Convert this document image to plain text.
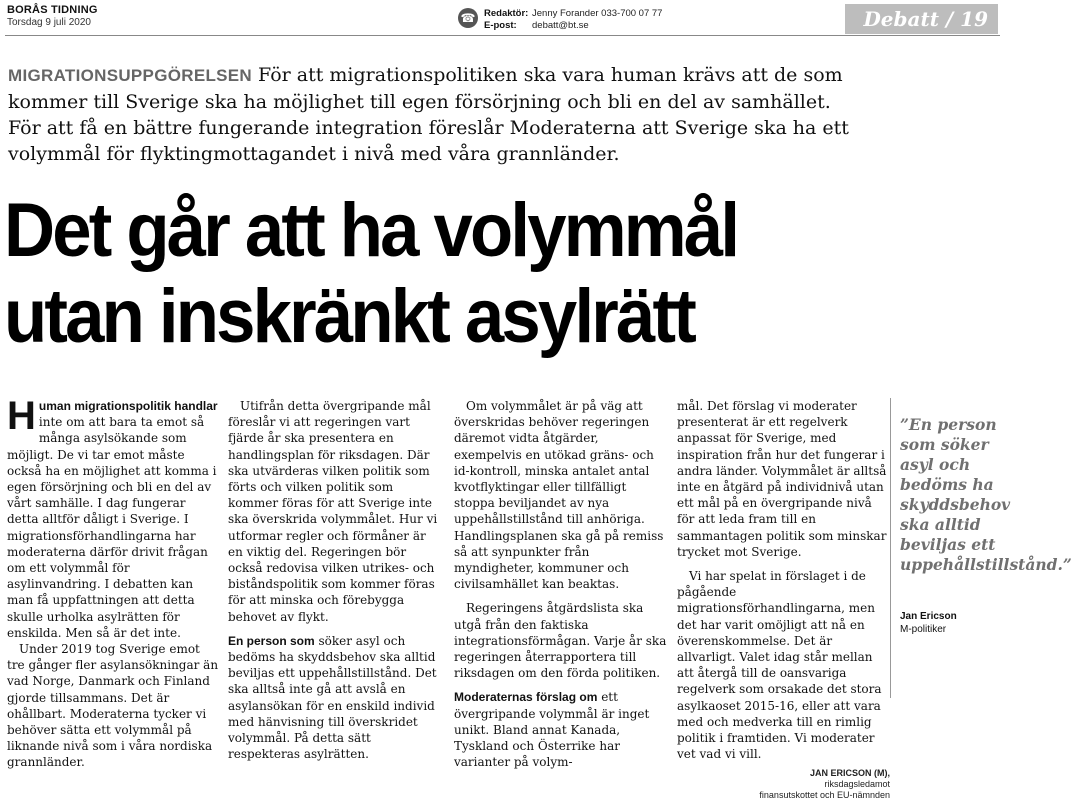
BORÅS TIDNING
Torsdag 9 juli 2020	☎ Redaktör:
E-post:
Jenny Forander 033-700 07 77
debatt@bt.se	Debatt / 19
MIGRATIONSUPPGÖRELSEN För att migrationspolitiken ska vara human krävs att de som kommer till Sverige ska ha möjlighet till egen försörjning och bli en del av samhället. För att få en bättre fungerande integration föreslår Moderaterna att Sverige ska ha ett volymmål för flyktingmottagandet i nivå med våra grannländer.
Det går att ha volymmål
utan inskränkt asylrätt

Human migrationspolitik handlar inte om att bara ta emot så många asylsökande som möjligt. De vi tar emot måste också ha en möjlighet att komma i egen försörjning och bli en del av vårt samhälle. I dag fungerar detta alltför dåligt i Sverige. I migrationsförhandlingarna har moderaterna därför drivit frågan om ett volymmål för asylinvandring. I debatten kan man få uppfattningen att detta skulle urholka asylrätten för enskilda. Men så är det inte.

Under 2019 tog Sverige emot tre gånger fler asylansökningar än vad Norge, Danmark och Finland gjorde tillsammans. Det är ohållbart. Moderaterna tycker vi behöver sätta ett volymmål på liknande nivå som i våra nordiska grannländer.

Utifrån detta övergripande mål föreslår vi att regeringen vart fjärde år ska presentera en handlingsplan för riksdagen. Där ska utvärderas vilken politik som förts och vilken politik som kommer föras för att Sverige inte ska överskrida volymmålet. Hur vi utformar regler och förmåner är en viktig del. Regeringen bör också redovisa vilken utrikes- och biståndspolitik som kommer föras för att minska och förebygga behovet av flykt.

En person som söker asyl och bedöms ha skyddsbehov ska alltid beviljas ett uppehållstillstånd. Det ska alltså inte gå att avslå en asylansökan för en enskild individ med hänvisning till överskridet volymmål. På detta sätt respekteras asylrätten.

Om volymmålet är på väg att överskridas behöver regeringen däremot vidta åtgärder, exempelvis en utökad gräns- och id-kontroll, minska antalet antal kvotflyktingar eller tillfälligt stoppa beviljandet av nya uppehållstillstånd till anhöriga. Handlingsplanen ska gå på remiss så att synpunkter från myndigheter, kommuner och civilsamhället kan beaktas.

Regeringens åtgärdslista ska utgå från den faktiska integrationsförmågan. Varje år ska regeringen återrapportera till riksdagen om den förda politiken.

Moderaternas förslag om ett övergripande volymmål är inget unikt. Bland annat Kanada, Tyskland och Österrike har varianter på volym-

mål. Det förslag vi moderater presenterat är ett regelverk anpassat för Sverige, med inspiration från hur det fungerar i andra länder. Volymmålet är alltså inte en åtgärd på individnivå utan ett mål på en övergripande nivå för att leda fram till en sammantagen politik som minskar trycket mot Sverige.

Vi har spelat in förslaget i de pågående migrationsförhandlingarna, men det har varit omöjligt att nå en överenskommelse. Det är allvarligt. Valet idag står mellan att återgå till de oansvariga regelverk som orsakade det stora asylkaoset 2015-16, eller att vara med och medverka till en rimlig politik i framtiden. Vi moderater vet vad vi vill.

JAN ERICSON (M),
riksdagsledamot
finansutskottet och EU-nämnden
”En person som söker asyl och bedöms ha skyddsbehov ska alltid beviljas ett uppehållstillstånd.”
Jan Ericson
M-politiker
